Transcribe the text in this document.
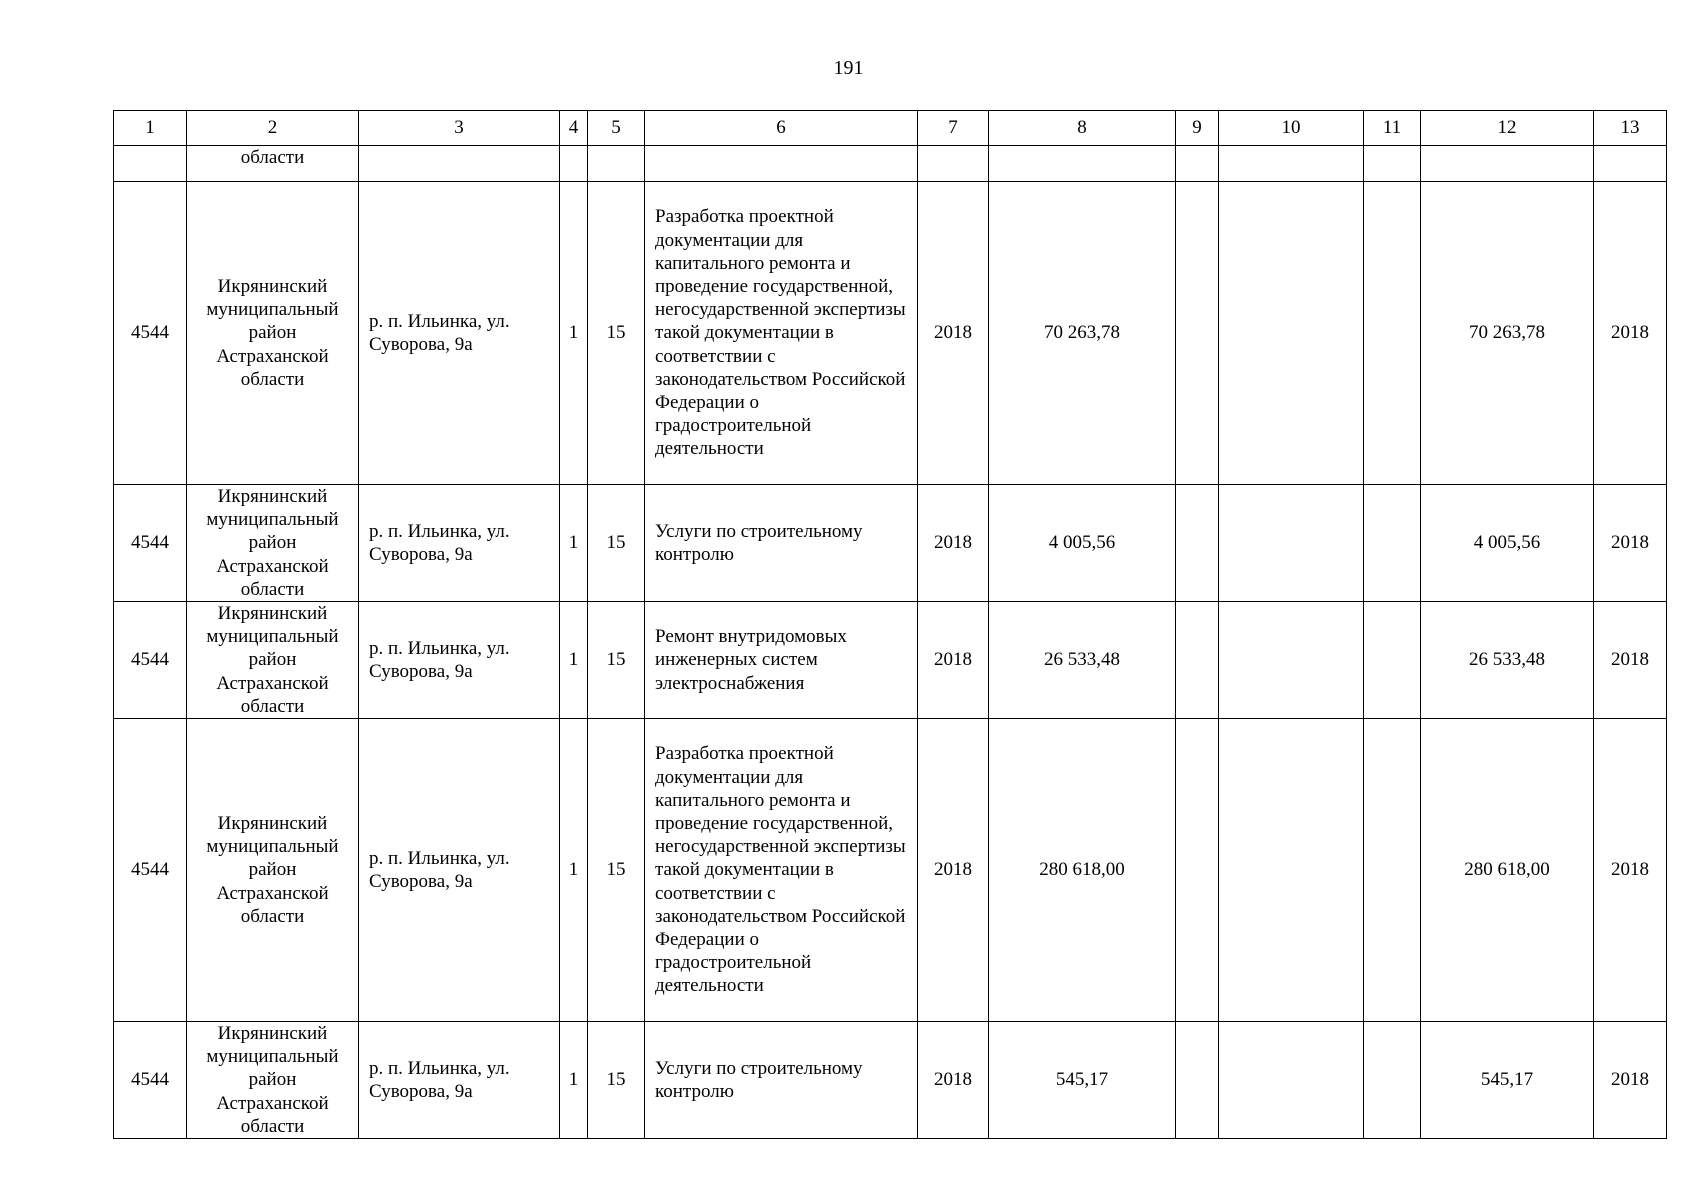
191
1	2	3	4	5	6	7	8	9	10	11	12	13
	области											
4544	Икрянинский муниципальный район Астраханской области	р. п. Ильинка, ул. Суворова, 9а	1	15	Разработка проектной документации для капитального ремонта и проведение государственной, негосударственной экспертизы такой документации в соответствии с законодательством Российской Федерации о градостроительной деятельности	2018	70 263,78				70 263,78	2018
4544	Икрянинский муниципальный район Астраханской области	р. п. Ильинка, ул. Суворова, 9а	1	15	Услуги по строительному контролю	2018	4 005,56				4 005,56	2018
4544	Икрянинский муниципальный район Астраханской области	р. п. Ильинка, ул. Суворова, 9а	1	15	Ремонт внутридомовых инженерных систем электроснабжения	2018	26 533,48				26 533,48	2018
4544	Икрянинский муниципальный район Астраханской области	р. п. Ильинка, ул. Суворова, 9а	1	15	Разработка проектной документации для капитального ремонта и проведение государственной, негосударственной экспертизы такой документации в соответствии с законодательством Российской Федерации о градостроительной деятельности	2018	280 618,00				280 618,00	2018
4544	Икрянинский муниципальный район Астраханской области	р. п. Ильинка, ул. Суворова, 9а	1	15	Услуги по строительному контролю	2018	545,17				545,17	2018
